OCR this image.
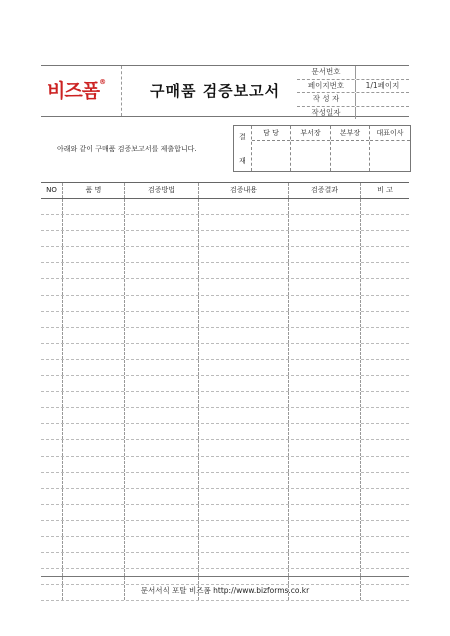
비즈폼®
구매품 검증보고서
문서번호
페이지번호	1/1페이지
작 성 자
작성일자
아래와 같이 구매품 검증보고서를 제출합니다.
결
재
담 당	부서장	본부장	대표이사
NO	품 명	검증방법	검증내용	검증결과	비 고
문서서식 포탈 비즈폼 http://www.bizforms.co.kr
